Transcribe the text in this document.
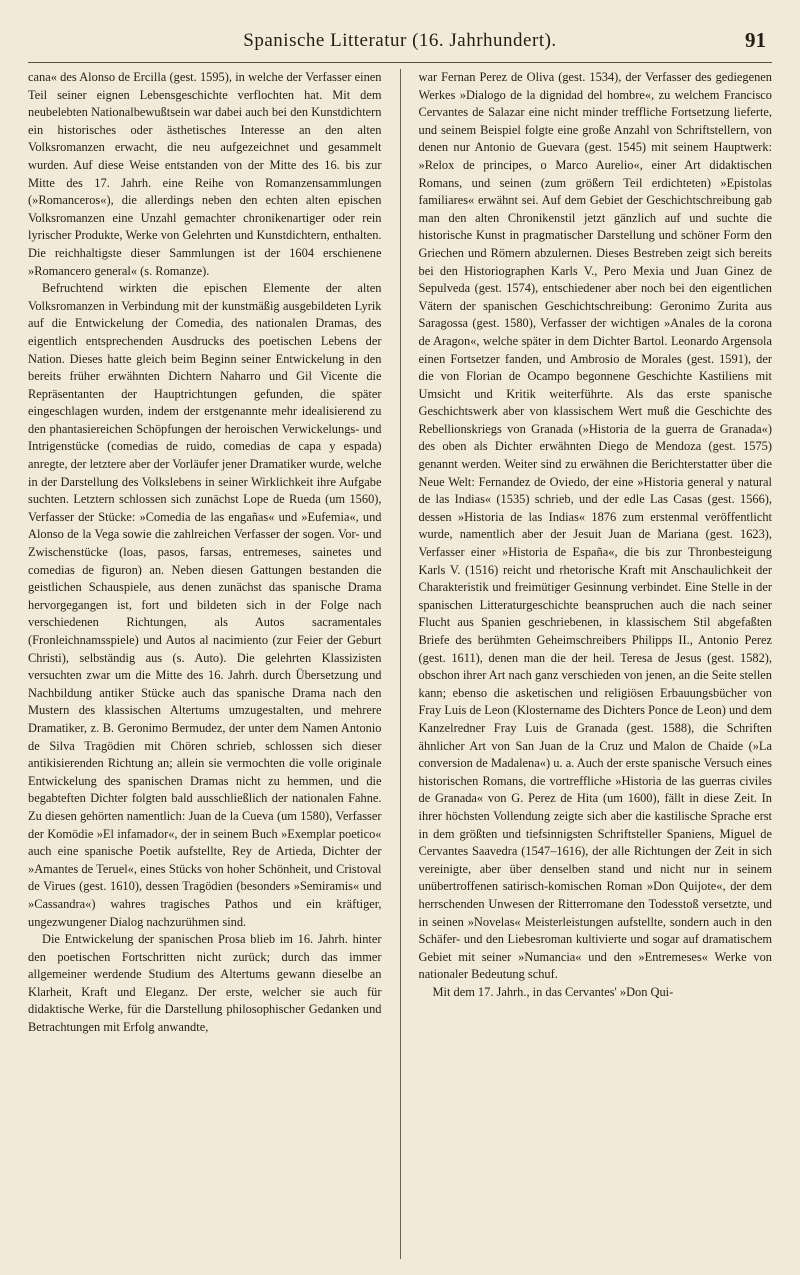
Spanische Litteratur (16. Jahrhundert).	91

cana« des Alonso de Ercilla (gest. 1595), in welche der Verfasser einen Teil seiner eignen Lebensgeschichte verflochten hat. Mit dem neubelebten Nationalbewußtsein war dabei auch bei den Kunstdichtern ein historisches oder ästhetisches Interesse an den alten Volksromanzen erwacht, die neu aufgezeichnet und gesammelt wurden. Auf diese Weise entstanden von der Mitte des 16. bis zur Mitte des 17. Jahrh. eine Reihe von Romanzensammlungen (»Romanceros«), die allerdings neben den echten alten epischen Volksromanzen eine Unzahl gemachter chronikenartiger oder rein lyrischer Produkte, Werke von Gelehrten und Kunstdichtern, enthalten. Die reichhaltigste dieser Sammlungen ist der 1604 erschienene »Romancero general« (s. Romanze).

Befruchtend wirkten die epischen Elemente der alten Volksromanzen in Verbindung mit der kunstmäßig ausgebildeten Lyrik auf die Entwickelung der Comedia, des nationalen Dramas, des eigentlich entsprechenden Ausdrucks des poetischen Lebens der Nation. Dieses hatte gleich beim Beginn seiner Entwickelung in den bereits früher erwähnten Dichtern Naharro und Gil Vicente die Repräsentanten der Hauptrichtungen gefunden, die später eingeschlagen wurden, indem der erstgenannte mehr idealisierend zu den phantasiereichen Schöpfungen der heroischen Verwickelungs- und Intrigenstücke (comedias de ruido, comedias de capa y espada) anregte, der letztere aber der Vorläufer jener Dramatiker wurde, welche in der Darstellung des Volkslebens in seiner Wirklichkeit ihre Aufgabe suchten. Letztern schlossen sich zunächst Lope de Rueda (um 1560), Verfasser der Stücke: »Comedia de las engañas« und »Eufemia«, und Alonso de la Vega sowie die zahlreichen Verfasser der sogen. Vor- und Zwischenstücke (loas, pasos, farsas, entremeses, sainetes und comedias de figuron) an. Neben diesen Gattungen bestanden die geistlichen Schauspiele, aus denen zunächst das spanische Drama hervorgegangen ist, fort und bildeten sich in der Folge nach verschiedenen Richtungen, als Autos sacramentales (Fronleichnamsspiele) und Autos al nacimiento (zur Feier der Geburt Christi), selbständig aus (s. Auto). Die gelehrten Klassizisten versuchten zwar um die Mitte des 16. Jahrh. durch Übersetzung und Nachbildung antiker Stücke auch das spanische Drama nach den Mustern des klassischen Altertums umzugestalten, und mehrere Dramatiker, z. B. Geronimo Bermudez, der unter dem Namen Antonio de Silva Tragödien mit Chören schrieb, schlossen sich dieser antikisierenden Richtung an; allein sie vermochten die volle originale Entwickelung des spanischen Dramas nicht zu hemmen, und die begabteften Dichter folgten bald ausschließlich der nationalen Fahne. Zu diesen gehörten namentlich: Juan de la Cueva (um 1580), Verfasser der Komödie »El infamador«, der in seinem Buch »Exemplar poetico« auch eine spanische Poetik aufstellte, Rey de Artieda, Dichter der »Amantes de Teruel«, eines Stücks von hoher Schönheit, und Cristoval de Virues (gest. 1610), dessen Tragödien (besonders »Semiramis« und »Cassandra«) wahres tragisches Pathos und ein kräftiger, ungezwungener Dialog nachzurühmen sind.

Die Entwickelung der spanischen Prosa blieb im 16. Jahrh. hinter den poetischen Fortschritten nicht zurück; durch das immer allgemeiner werdende Studium des Altertums gewann dieselbe an Klarheit, Kraft und Eleganz. Der erste, welcher sie auch für didaktische Werke, für die Darstellung philosophischer Gedanken und Betrachtungen mit Erfolg anwandte,

war Fernan Perez de Oliva (gest. 1534), der Verfasser des gediegenen Werkes »Dialogo de la dignidad del hombre«, zu welchem Francisco Cervantes de Salazar eine nicht minder treffliche Fortsetzung lieferte, und seinem Beispiel folgte eine große Anzahl von Schriftstellern, von denen nur Antonio de Guevara (gest. 1545) mit seinem Hauptwerk: »Relox de principes, o Marco Aurelio«, einer Art didaktischen Romans, und seinen (zum größern Teil erdichteten) »Epistolas familiares« erwähnt sei. Auf dem Gebiet der Geschichtschreibung gab man den alten Chronikenstil jetzt gänzlich auf und suchte die historische Kunst in pragmatischer Darstellung und schöner Form den Griechen und Römern abzulernen. Dieses Bestreben zeigt sich bereits bei den Historiographen Karls V., Pero Mexia und Juan Ginez de Sepulveda (gest. 1574), entschiedener aber noch bei den eigentlichen Vätern der spanischen Geschichtschreibung: Geronimo Zurita aus Saragossa (gest. 1580), Verfasser der wichtigen »Anales de la corona de Aragon«, welche später in dem Dichter Bartol. Leonardo Argensola einen Fortsetzer fanden, und Ambrosio de Morales (gest. 1591), der die von Florian de Ocampo begonnene Geschichte Kastiliens mit Umsicht und Kritik weiterführte. Als das erste spanische Geschichtswerk aber von klassischem Wert muß die Geschichte des Rebellionskriegs von Granada (»Historia de la guerra de Granada«) des oben als Dichter erwähnten Diego de Mendoza (gest. 1575) genannt werden. Weiter sind zu erwähnen die Berichterstatter über die Neue Welt: Fernandez de Oviedo, der eine »Historia general y natural de las Indias« (1535) schrieb, und der edle Las Casas (gest. 1566), dessen »Historia de las Indias« 1876 zum erstenmal veröffentlicht wurde, namentlich aber der Jesuit Juan de Mariana (gest. 1623), Verfasser einer »Historia de España«, die bis zur Thronbesteigung Karls V. (1516) reicht und rhetorische Kraft mit Anschaulichkeit der Charakteristik und freimütiger Gesinnung verbindet. Eine Stelle in der spanischen Litteraturgeschichte beanspruchen auch die nach seiner Flucht aus Spanien geschriebenen, in klassischem Stil abgefaßten Briefe des berühmten Geheimschreibers Philipps II., Antonio Perez (gest. 1611), denen man die der heil. Teresa de Jesus (gest. 1582), obschon ihrer Art nach ganz verschieden von jenen, an die Seite stellen kann; ebenso die asketischen und religiösen Erbauungsbücher von Fray Luis de Leon (Klostername des Dichters Ponce de Leon) und dem Kanzelredner Fray Luis de Granada (gest. 1588), die Schriften ähnlicher Art von San Juan de la Cruz und Malon de Chaide (»La conversion de Madalena«) u. a. Auch der erste spanische Versuch eines historischen Romans, die vortreffliche »Historia de las guerras civiles de Granada« von G. Perez de Hita (um 1600), fällt in diese Zeit. In ihrer höchsten Vollendung zeigte sich aber die kastilische Sprache erst in dem größten und tiefsinnigsten Schriftsteller Spaniens, Miguel de Cervantes Saavedra (1547–1616), der alle Richtungen der Zeit in sich vereinigte, aber über denselben stand und nicht nur in seinem unübertroffenen satirisch-komischen Roman »Don Quijote«, der dem herrschenden Unwesen der Ritterromane den Todesstoß versetzte, und in seinen »Novelas« Meisterleistungen aufstellte, sondern auch in den Schäfer- und den Liebesroman kultivierte und sogar auf dramatischem Gebiet mit seiner »Numancia« und den »Entremeses« Werke von nationaler Bedeutung schuf.

Mit dem 17. Jahrh., in das Cervantes' »Don Qui-
